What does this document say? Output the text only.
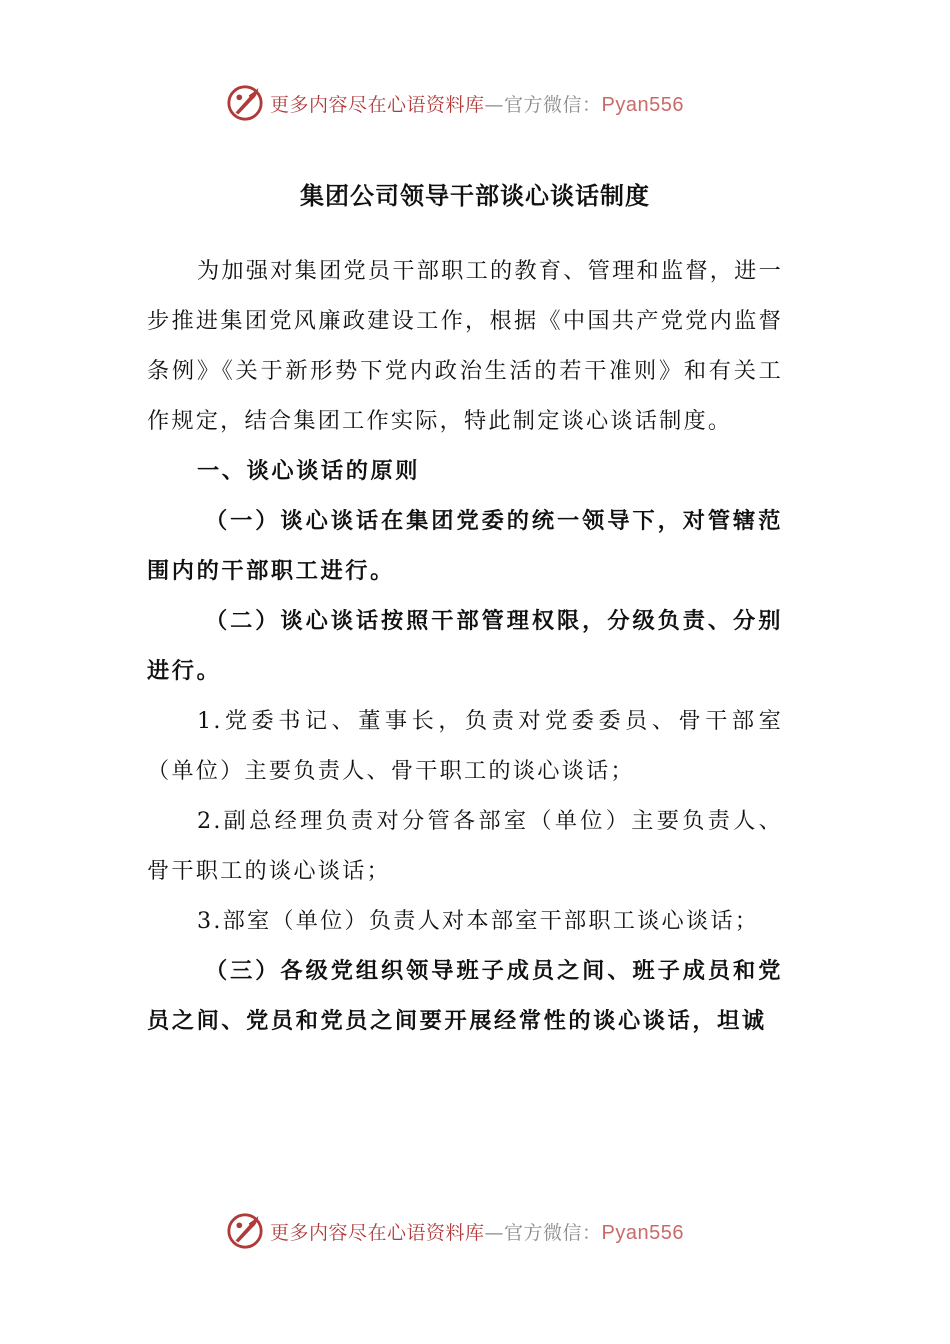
更多内容尽在心语资料库—官方微信：Pyan556
集团公司领导干部谈心谈话制度

为加强对集团党员干部职工的教育、管理和监督，进一步推进集团党风廉政建设工作，根据《中国共产党党内监督条例》《关于新形势下党内政治生活的若干准则》和有关工作规定，结合集团工作实际，特此制定谈心谈话制度。

一、谈心谈话的原则

（一）谈心谈话在集团党委的统一领导下，对管辖范围内的干部职工进行。

（二）谈心谈话按照干部管理权限，分级负责、分别进行。

1.党委书记、董事长，负责对党委委员、骨干部室（单位）主要负责人、骨干职工的谈心谈话；

2.副总经理负责对分管各部室（单位）主要负责人、骨干职工的谈心谈话；

3.部室（单位）负责人对本部室干部职工谈心谈话；

（三）各级党组织领导班子成员之间、班子成员和党员之间、党员和党员之间要开展经常性的谈心谈话，坦诚

更多内容尽在心语资料库—官方微信：Pyan556
